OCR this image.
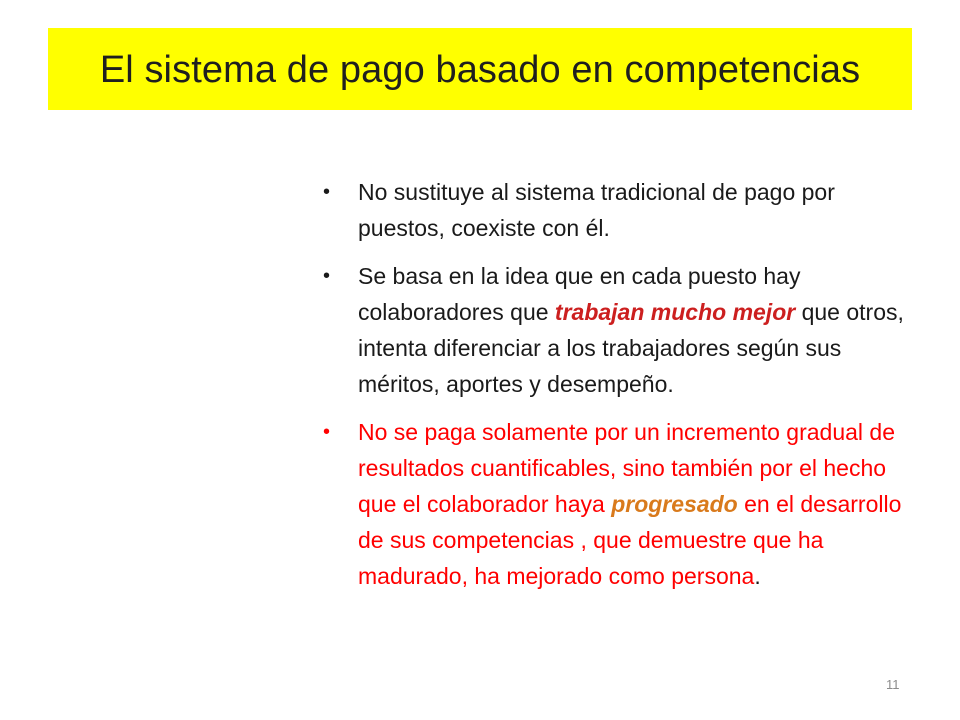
El sistema de pago basado en competencias
• No sustituye al sistema tradicional de pago por puestos, coexiste con él.
• Se basa en la idea que en cada puesto hay colaboradores que trabajan mucho mejor que otros, intenta diferenciar a los trabajadores según sus méritos, aportes y desempeño.
• No se paga solamente por un incremento gradual de resultados cuantificables, sino también por el hecho que el colaborador haya progresado en el desarrollo de sus competencias , que demuestre que ha madurado, ha mejorado como persona.
11
